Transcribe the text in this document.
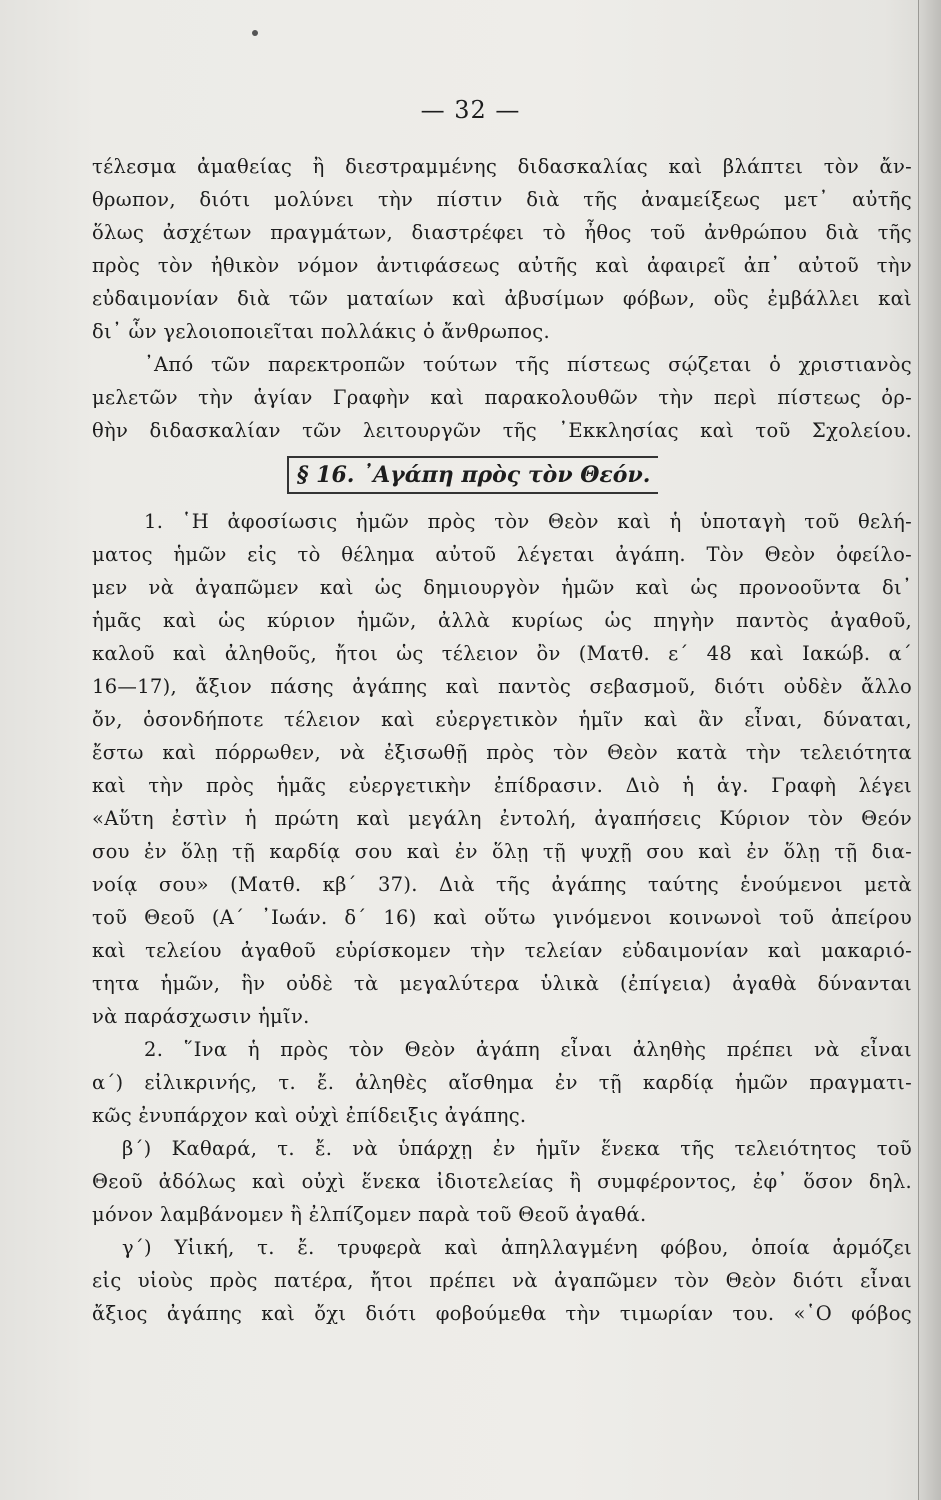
— 32 —
τέλεσμα ἀμαθείας ἢ διεστραμμένης διδασκαλίας καὶ βλάπτει τὸν ἄν-
θρωπον, διότι μολύνει τὴν πίστιν διὰ τῆς ἀναμείξεως μετ᾽ αὐτῆς
ὅλως ἀσχέτων πραγμάτων, διαστρέφει τὸ ἦθος τοῦ ἀνθρώπου διὰ τῆς
πρὸς τὸν ἠθικὸν νόμον ἀντιφάσεως αὐτῆς καὶ ἀφαιρεῖ ἀπ᾽ αὐτοῦ τὴν
εὐδαιμονίαν διὰ τῶν ματαίων καὶ ἀβυσίμων φόβων, οὓς ἐμβάλλει καὶ
δι᾽ ὧν γελοιοποιεῖται πολλάκις ὁ ἄνθρωπος.
᾽Από τῶν παρεκτροπῶν τούτων τῆς πίστεως σῴζεται ὁ χριστιανὸς
μελετῶν τὴν ἁγίαν Γραφὴν καὶ παρακολουθῶν τὴν περὶ πίστεως ὀρ-
θὴν διδασκαλίαν τῶν λειτουργῶν τῆς ᾽Εκκλησίας καὶ τοῦ Σχολείου.
§ 16. ᾽Αγάπη πρὸς τὸν Θεόν.
1. ῾Η ἀφοσίωσις ἡμῶν πρὸς τὸν Θεὸν καὶ ἡ ὑποταγὴ τοῦ θελή-
ματος ἡμῶν εἰς τὸ θέλημα αὐτοῦ λέγεται ἀγάπη. Τὸν Θεὸν ὀφείλο-
μεν νὰ ἀγαπῶμεν καὶ ὡς δημιουργὸν ἡμῶν καὶ ὡς προνοοῦντα δι᾽
ἡμᾶς καὶ ὡς κύριον ἡμῶν, ἀλλὰ κυρίως ὡς πηγὴν παντὸς ἀγαθοῦ,
καλοῦ καὶ ἀληθοῦς, ἤτοι ὡς τέλειον ὂν (Ματθ. ε΄ 48 καὶ Ιακώβ. α΄
16—17), ἄξιον πάσης ἀγάπης καὶ παντὸς σεβασμοῦ, διότι οὐδὲν ἄλλο
ὄν, ὁσονδήποτε τέλειον καὶ εὐεργετικὸν ἡμῖν καὶ ἂν εἶναι, δύναται,
ἔστω καὶ πόρρωθεν, νὰ ἐξισωθῇ πρὸς τὸν Θεὸν κατὰ τὴν τελειότητα
καὶ τὴν πρὸς ἡμᾶς εὐεργετικὴν ἐπίδρασιν. Διὸ ἡ ἁγ. Γραφὴ λέγει
«Αὕτη ἐστὶν ἡ πρώτη καὶ μεγάλη ἐντολή, ἀγαπήσεις Κύριον τὸν Θεόν
σου ἐν ὅλῃ τῇ καρδίᾳ σου καὶ ἐν ὅλῃ τῇ ψυχῇ σου καὶ ἐν ὅλῃ τῇ δια-
νοίᾳ σου» (Ματθ. κβ΄ 37). Διὰ τῆς ἀγάπης ταύτης ἑνούμενοι μετὰ
τοῦ Θεοῦ (Α΄ ᾽Ιωάν. δ΄ 16) καὶ οὕτω γινόμενοι κοινωνοὶ τοῦ ἀπείρου
καὶ τελείου ἀγαθοῦ εὑρίσκομεν τὴν τελείαν εὐδαιμονίαν καὶ μακαριό-
τητα ἡμῶν, ἣν οὐδὲ τὰ μεγαλύτερα ὑλικὰ (ἐπίγεια) ἀγαθὰ δύνανται
νὰ παράσχωσιν ἡμῖν.
2. ῞Ινα ἡ πρὸς τὸν Θεὸν ἀγάπη εἶναι ἀληθὴς πρέπει νὰ εἶναι
α΄) εἰλικρινής, τ. ἔ. ἀληθὲς αἴσθημα ἐν τῇ καρδίᾳ ἡμῶν πραγματι-
κῶς ἐνυπάρχον καὶ οὐχὶ ἐπίδειξις ἀγάπης.
β΄) Καθαρά, τ. ἔ. νὰ ὑπάρχῃ ἐν ἡμῖν ἕνεκα τῆς τελειότητος τοῦ
Θεοῦ ἀδόλως καὶ οὐχὶ ἕνεκα ἰδιοτελείας ἢ συμφέροντος, ἐφ᾽ ὅσον δηλ.
μόνον λαμβάνομεν ἢ ἐλπίζομεν παρὰ τοῦ Θεοῦ ἀγαθά.
γ΄) Υἱική, τ. ἔ. τρυφερὰ καὶ ἀπηλλαγμένη φόβου, ὁποία ἁρμόζει
εἰς υἱοὺς πρὸς πατέρα, ἤτοι πρέπει νὰ ἀγαπῶμεν τὸν Θεὸν διότι εἶναι
ἄξιος ἀγάπης καὶ ὄχι διότι φοβούμεθα τὴν τιμωρίαν του. «῾Ο φόβος
